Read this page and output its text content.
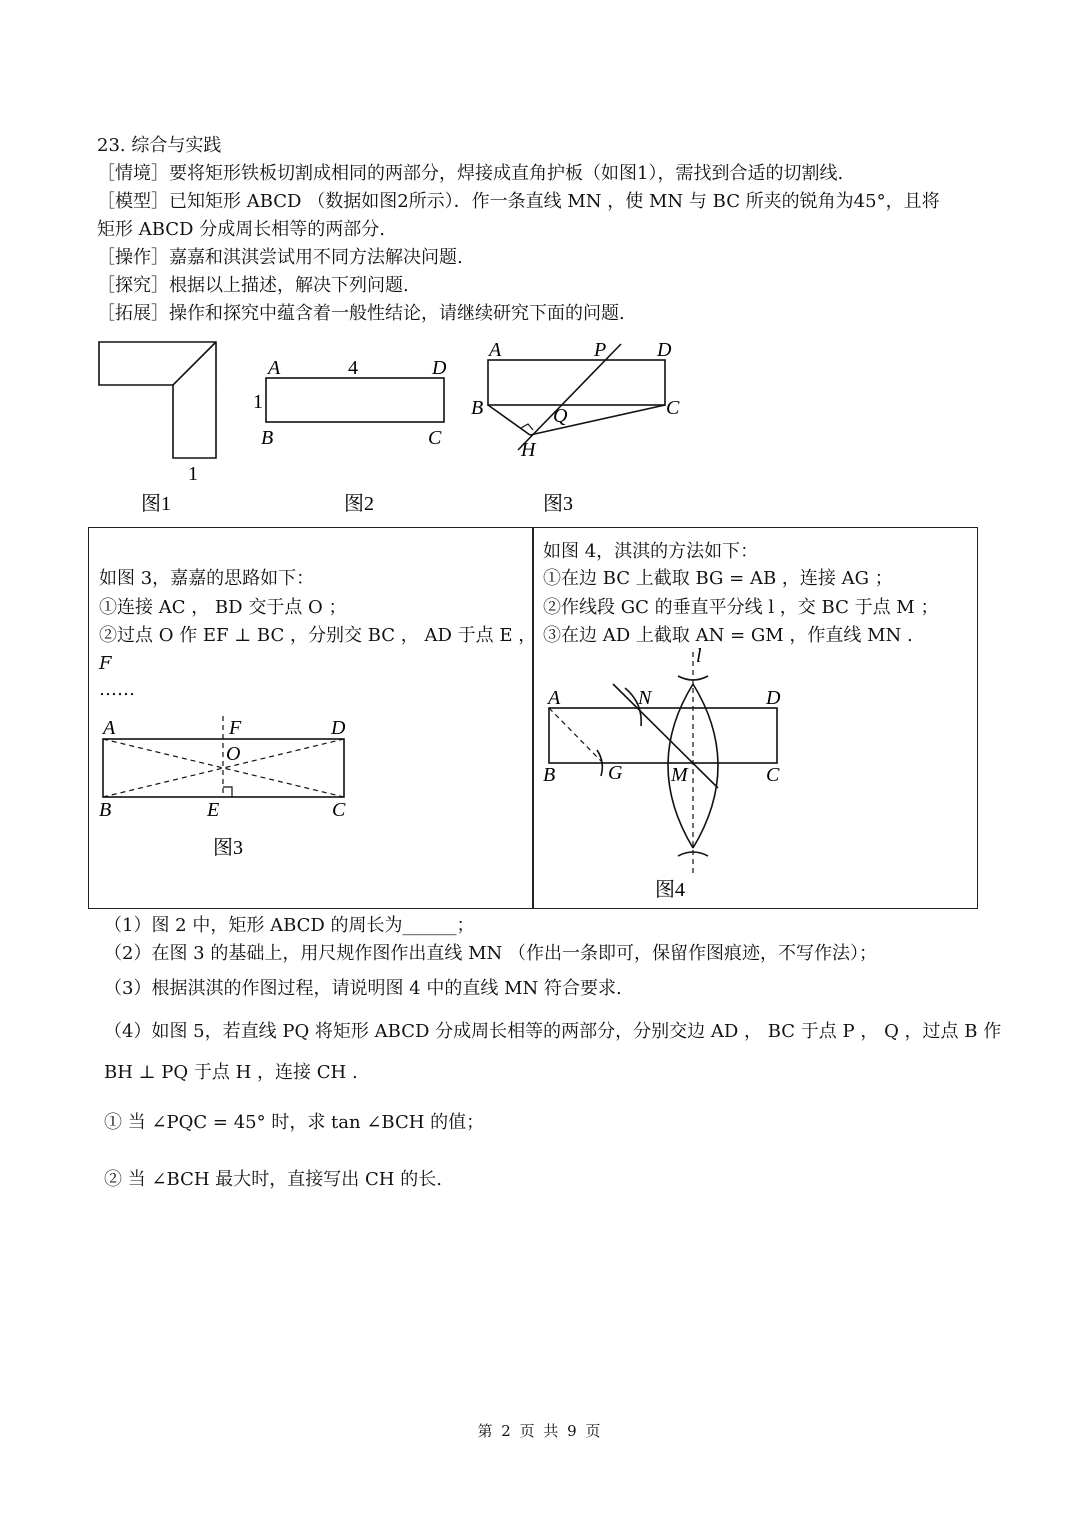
23. 综合与实践
［情境］要将矩形铁板切割成相同的两部分，焊接成直角护板（如图1），需找到合适的切割线.
［模型］已知矩形 ABCD （数据如图2所示）．作一条直线 MN ，使 MN 与 BC 所夹的锐角为45°，且将
矩形 ABCD 分成周长相等的两部分.
［操作］嘉嘉和淇淇尝试用不同方法解决问题.
［探究］根据以上描述，解决下列问题.
［拓展］操作和探究中蕴含着一般性结论，请继续研究下面的问题.
1
图1
A	4	D
1
B	C
图2
A	P	D
B	Q	C
H
图3
如图 3，嘉嘉的思路如下：
①连接 AC ， BD 交于点 O ；
②过点 O 作 EF ⊥ BC ，分别交 BC ， AD 于点 E ，
F
……
A	F	D
O
B	E	C
图3
如图 4，淇淇的方法如下：
①在边 BC 上截取 BG = AB ，连接 AG ；
②作线段 GC 的垂直平分线 l ，交 BC 于点 M ；
③在边 AD 上截取 AN = GM ，作直线 MN .
l
A	N	D
B	G M	C
图4
（1）图 2 中，矩形 ABCD 的周长为______；
（2）在图 3 的基础上，用尺规作图作出直线 MN （作出一条即可，保留作图痕迹，不写作法）；
（3）根据淇淇的作图过程，请说明图 4 中的直线 MN 符合要求.
（4）如图 5，若直线 PQ 将矩形 ABCD 分成周长相等的两部分，分别交边 AD ， BC 于点 P ， Q ，过点 B 作
BH ⊥ PQ 于点 H ，连接 CH .
① 当 ∠PQC = 45° 时，求 tan ∠BCH 的值；
② 当 ∠BCH 最大时，直接写出 CH 的长.
第 2 页 共 9 页
